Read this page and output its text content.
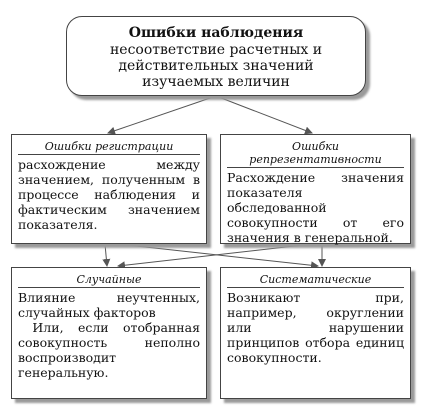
Ошибки наблюдения
несоответствие расчетных и действительных значений изучаемых величин
Ошибки регистрации
расхождение между значением, полученным в процессе наблюдения и фактическим значением показателя.
Ошибки репрезентативности
Расхождение значения показателя обследованной совокупности от его значения в генеральной.
Случайные

Влияние неучтенных, случайных факторов

Или, если отобранная совокупность неполно воспроизводит генеральную.

Систематические
Возникают при, например, округлении или нарушении принципов отбора единиц совокупности.
